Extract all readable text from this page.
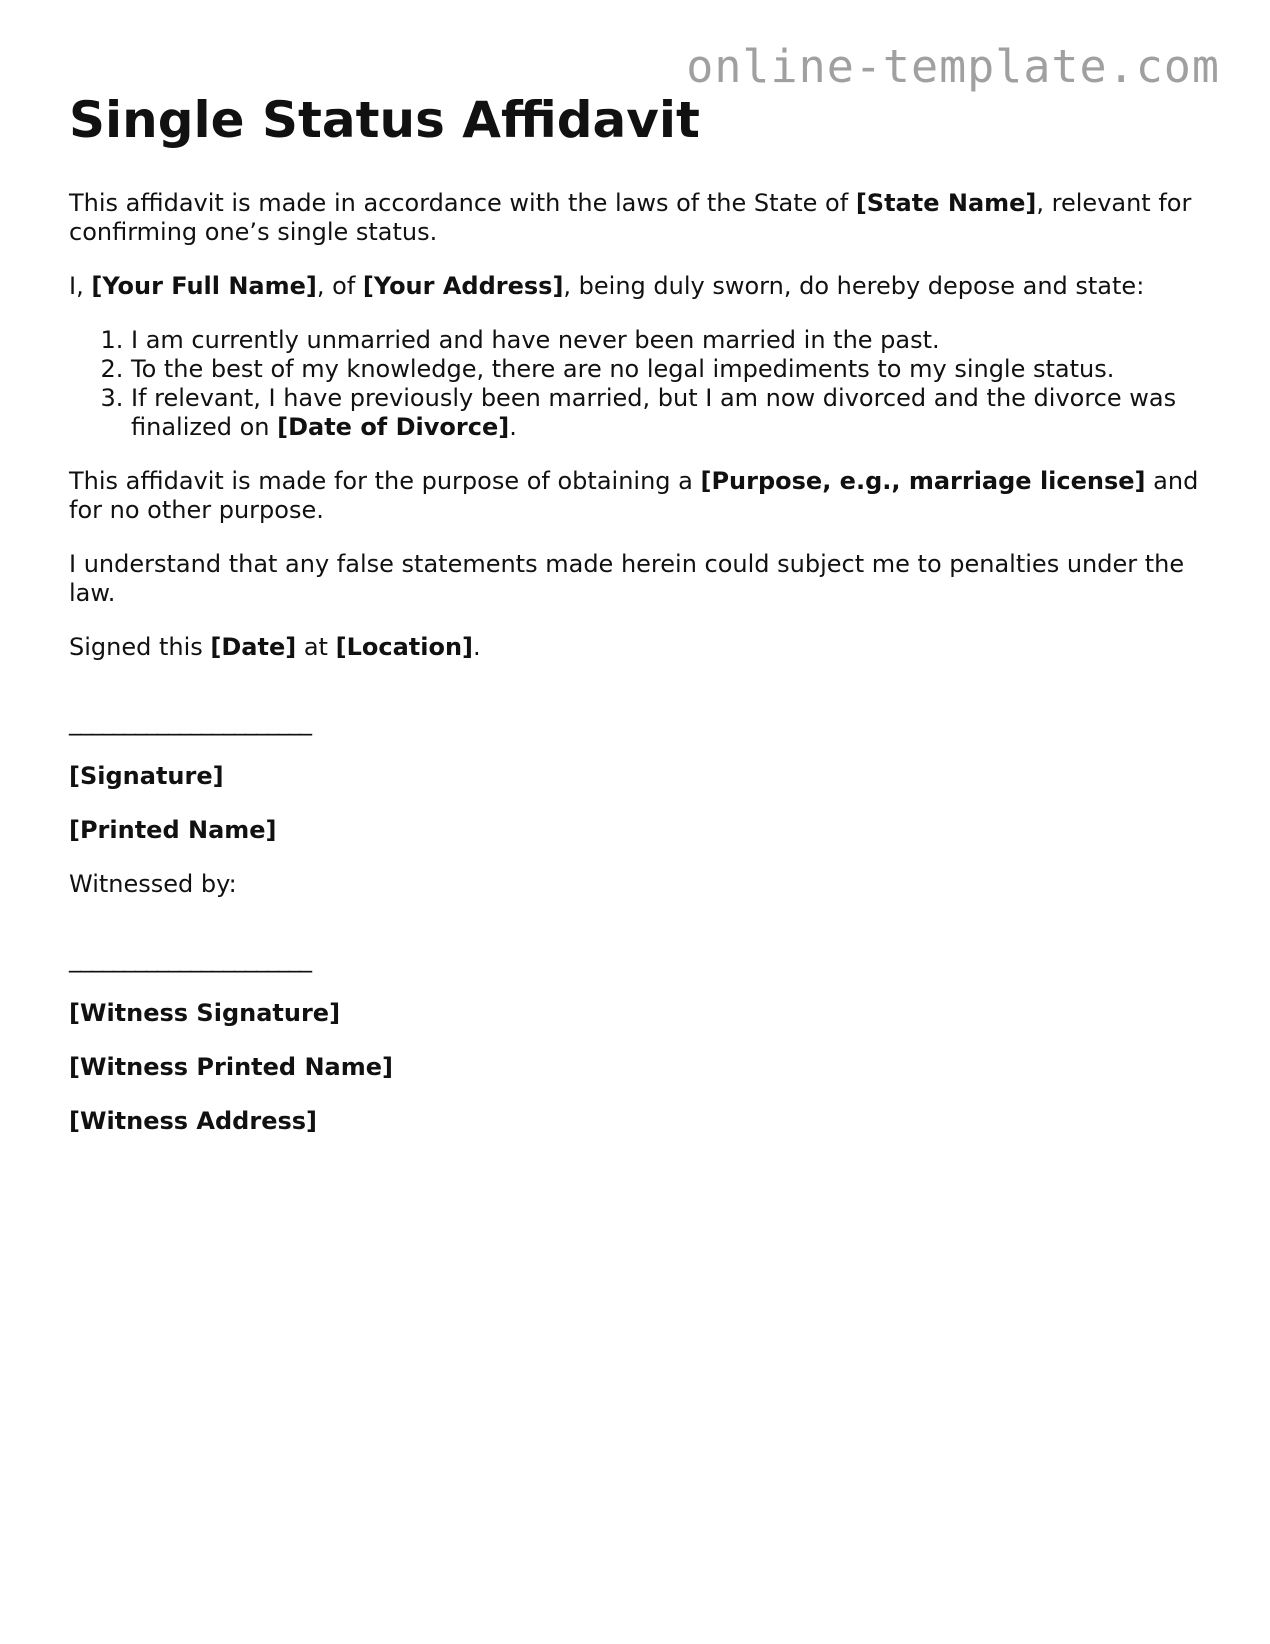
online-template.com
Single Status Affidavit

This affidavit is made in accordance with the laws of the State of [State Name], relevant for confirming one’s single status.

I, [Your Full Name], of [Your Address], being duly sworn, do hereby depose and state:

1. I am currently unmarried and have never been married in the past.
2. To the best of my knowledge, there are no legal impediments to my single status.
3. If relevant, I have previously been married, but I am now divorced and the divorce was finalized on [Date of Divorce].

This affidavit is made for the purpose of obtaining a [Purpose, e.g., marriage license] and for no other purpose.

I understand that any false statements made herein could subject me to penalties under the law.

Signed this [Date] at [Location].

______________________

[Signature]

[Printed Name]

Witnessed by:

______________________

[Witness Signature]

[Witness Printed Name]

[Witness Address]
